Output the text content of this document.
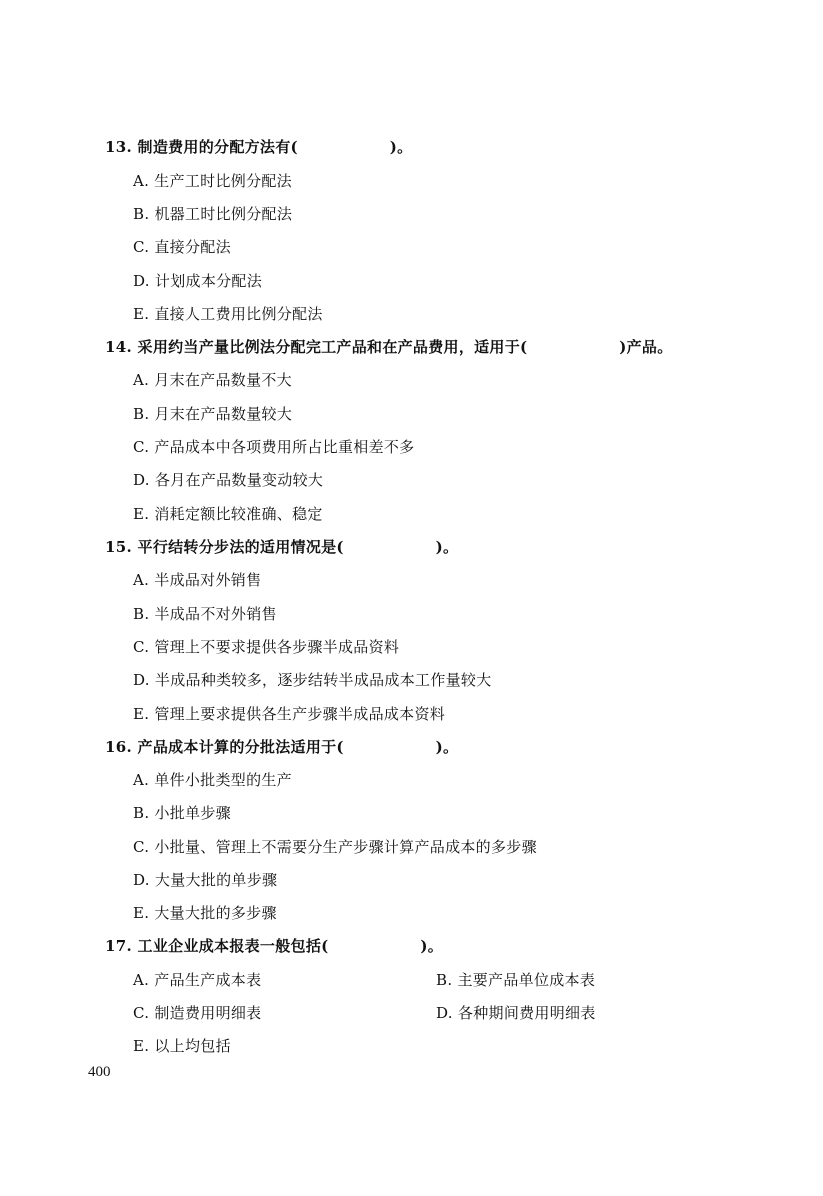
13. 制造费用的分配方法有(　　　　　　)。
A. 生产工时比例分配法
B. 机器工时比例分配法
C. 直接分配法
D. 计划成本分配法
E. 直接人工费用比例分配法
14. 采用约当产量比例法分配完工产品和在产品费用，适用于(　　　　　　)产品。
A. 月末在产品数量不大
B. 月末在产品数量较大
C. 产品成本中各项费用所占比重相差不多
D. 各月在产品数量变动较大
E. 消耗定额比较准确、稳定
15. 平行结转分步法的适用情况是(　　　　　　)。
A. 半成品对外销售
B. 半成品不对外销售
C. 管理上不要求提供各步骤半成品资料
D. 半成品种类较多，逐步结转半成品成本工作量较大
E. 管理上要求提供各生产步骤半成品成本资料
16. 产品成本计算的分批法适用于(　　　　　　)。
A. 单件小批类型的生产
B. 小批单步骤
C. 小批量、管理上不需要分生产步骤计算产品成本的多步骤
D. 大量大批的单步骤
E. 大量大批的多步骤
17. 工业企业成本报表一般包括(　　　　　　)。
A. 产品生产成本表	B. 主要产品单位成本表
C. 制造费用明细表	D. 各种期间费用明细表
E. 以上均包括
400
